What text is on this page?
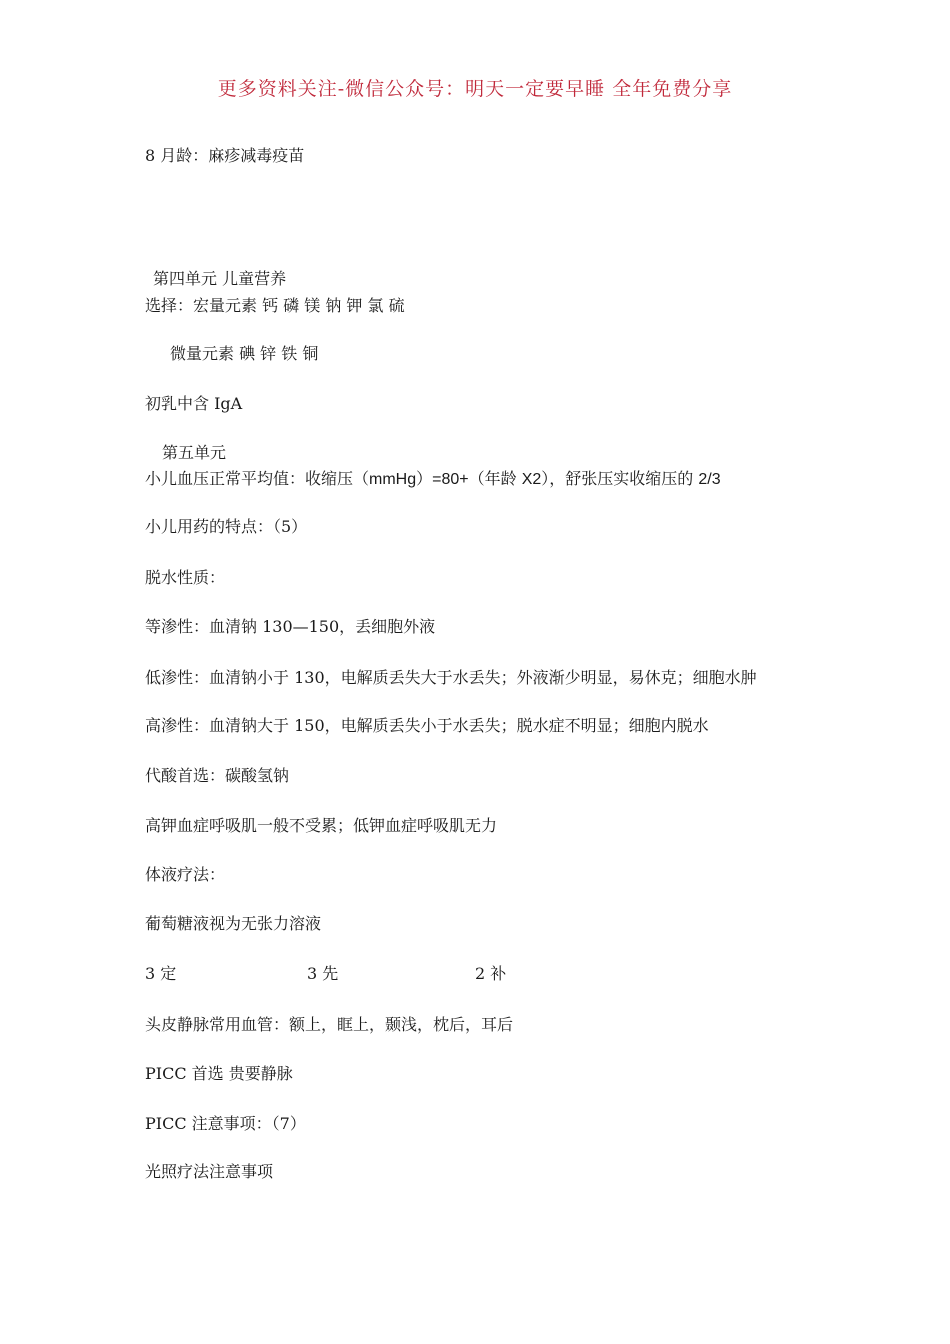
更多资料关注-微信公众号：明天一定要早睡 全年免费分享
8 月龄：麻疹减毒疫苗
第四单元 儿童营养
选择：宏量元素 钙 磷 镁 钠 钾 氯 硫
微量元素 碘 锌 铁 铜
初乳中含 IgA
第五单元
小儿血压正常平均值：收缩压（mmHg）=80+（年龄 X2），舒张压实收缩压的 2/3
小儿用药的特点：（5）
脱水性质：
等渗性：血清钠 130—150，丢细胞外液
低渗性：血清钠小于 130，电解质丢失大于水丢失；外液渐少明显，易休克；细胞水肿
高渗性：血清钠大于 150，电解质丢失小于水丢失；脱水症不明显；细胞内脱水
代酸首选：碳酸氢钠
高钾血症呼吸肌一般不受累；低钾血症呼吸肌无力
体液疗法：
葡萄糖液视为无张力溶液
3 定	3 先	2 补
头皮静脉常用血管：额上，眶上，颞浅，枕后，耳后
PICC 首选 贵要静脉
PICC 注意事项：（7）
光照疗法注意事项
